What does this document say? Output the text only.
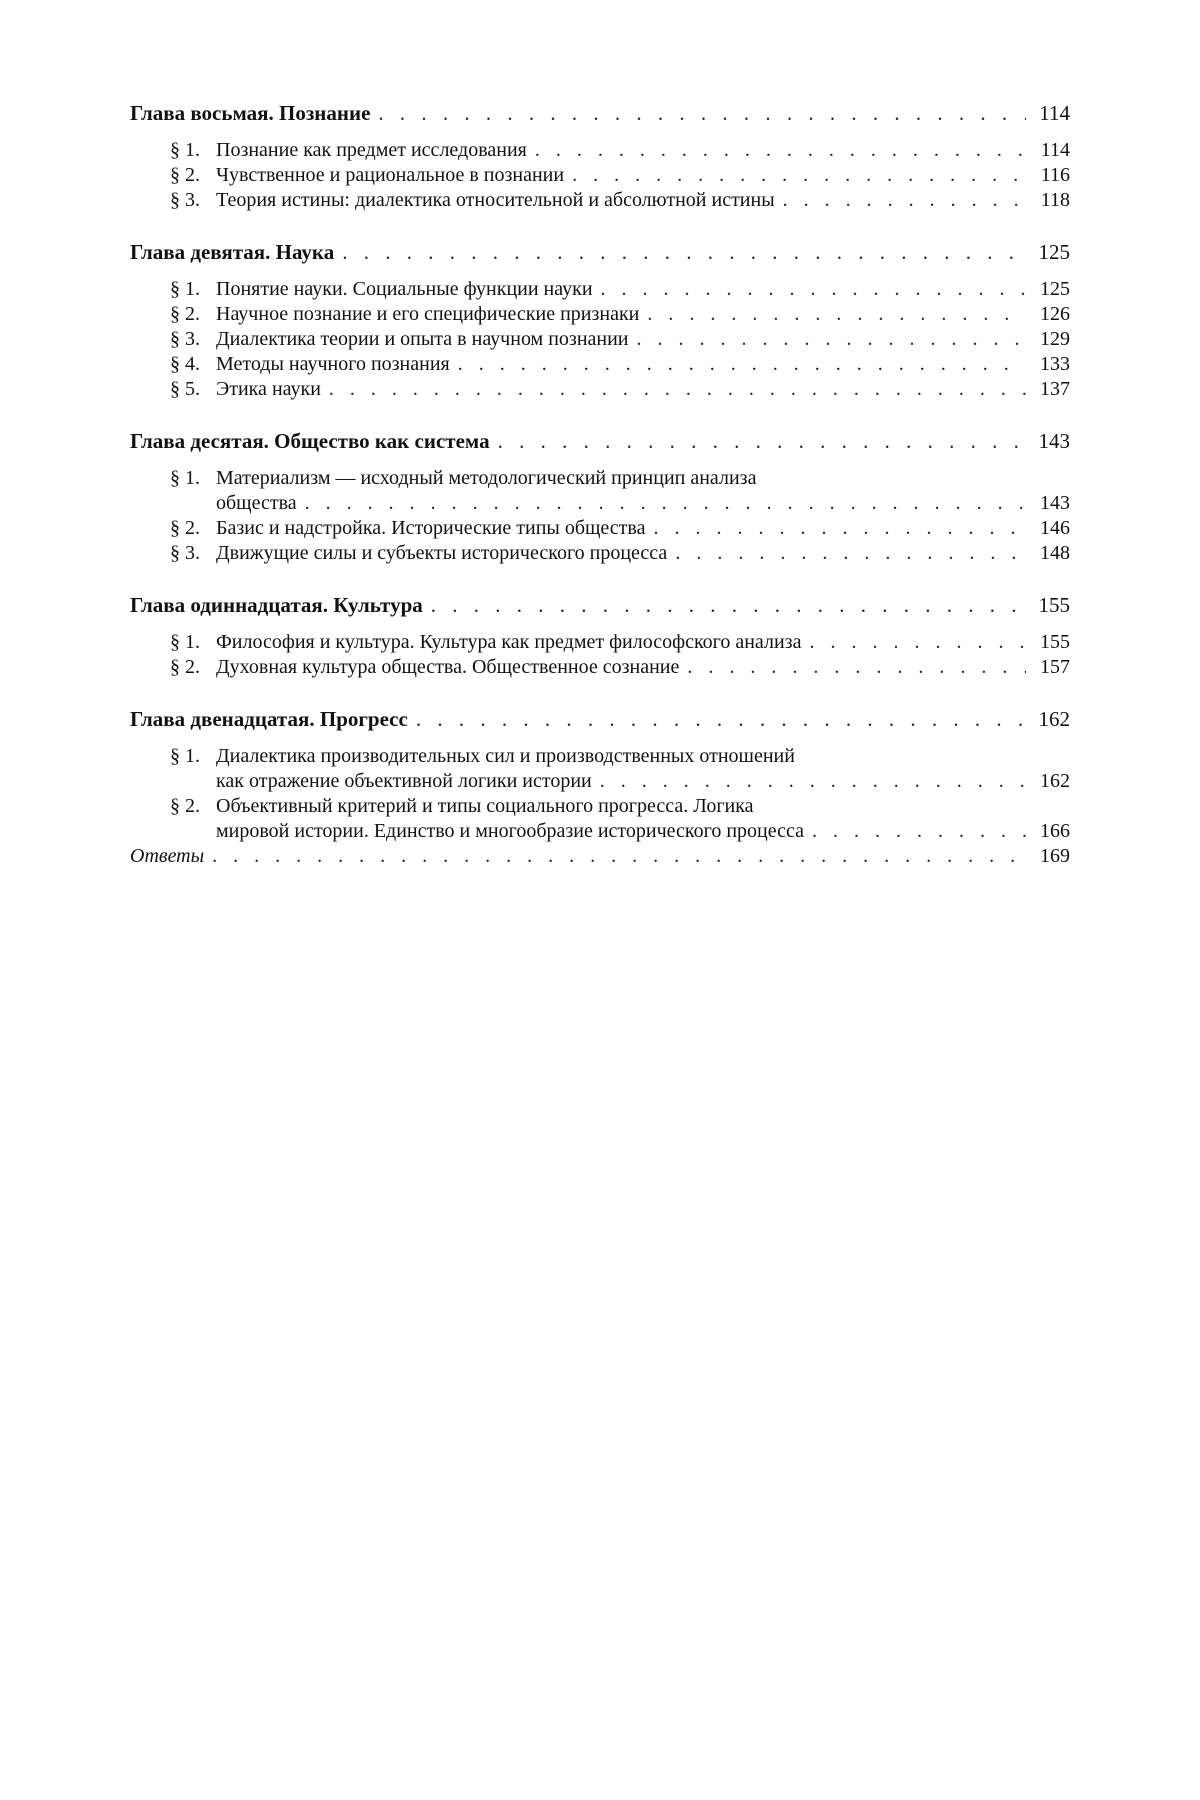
Глава восьмая. Познание . . .	114
§ 1. Познание как предмет исследования . . .	114
§ 2. Чувственное и рациональное в познании . . .	116
§ 3. Теория истины: диалектика относительной и абсолютной истины . . .	118
Глава девятая. Наука . . .	125
§ 1. Понятие науки. Социальные функции науки . . .	125
§ 2. Научное познание и его специфические признаки . . .	126
§ 3. Диалектика теории и опыта в научном познании . . .	129
§ 4. Методы научного познания . . .	133
§ 5. Этика науки . . .	137
Глава десятая. Общество как система . . .	143
§ 1. Материализм — исходный методологический принцип анализа
общества . . .	143
§ 2. Базис и надстройка. Исторические типы общества . . .	146
§ 3. Движущие силы и субъекты исторического процесса . . .	148
Глава одиннадцатая. Культура . . .	155
§ 1. Философия и культура. Культура как предмет философского анализа . . .	155
§ 2. Духовная культура общества. Общественное сознание . . .	157
Глава двенадцатая. Прогресс . . .	162
§ 1. Диалектика производительных сил и производственных отношений
как отражение объективной логики истории . . .	162
§ 2. Объективный критерий и типы социального прогресса. Логика
мировой истории. Единство и многообразие исторического процесса . . .	166
Ответы . . .	169
